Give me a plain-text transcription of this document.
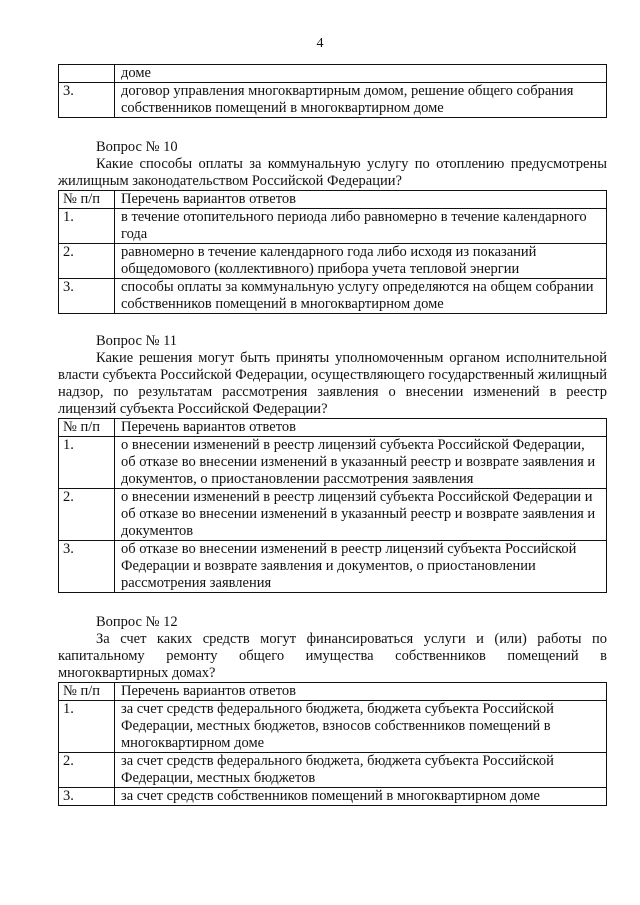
4
	доме
3.	договор управления многоквартирным домом, решение общего собрания собственников помещений в многоквартирном доме
Вопрос № 10
Какие способы оплаты за коммунальную услугу по отоплению предусмотрены жилищным законодательством Российской Федерации?
№ п/п	Перечень вариантов ответов
1.	в течение отопительного периода либо равномерно в течение календарного года
2.	равномерно в течение календарного года либо исходя из показаний общедомового (коллективного) прибора учета тепловой энергии
3.	способы оплаты за коммунальную услугу определяются на общем собрании собственников помещений в многоквартирном доме
Вопрос № 11
Какие решения могут быть приняты уполномоченным органом исполнительной власти субъекта Российской Федерации, осуществляющего государственный жилищный надзор, по результатам рассмотрения заявления о внесении изменений в реестр лицензий субъекта Российской Федерации?
№ п/п	Перечень вариантов ответов
1.	о внесении изменений в реестр лицензий субъекта Российской Федерации, об отказе во внесении изменений в указанный реестр и возврате заявления и документов, о приостановлении рассмотрения заявления
2.	о внесении изменений в реестр лицензий субъекта Российской Федерации и об отказе во внесении изменений в указанный реестр и возврате заявления и документов
3.	об отказе во внесении изменений в реестр лицензий субъекта Российской Федерации и возврате заявления и документов, о приостановлении рассмотрения заявления
Вопрос № 12
За счет каких средств могут финансироваться услуги и (или) работы по капитальному ремонту общего имущества собственников помещений в многоквартирных домах?
№ п/п	Перечень вариантов ответов
1.	за счет средств федерального бюджета, бюджета субъекта Российской Федерации, местных бюджетов, взносов собственников помещений в многоквартирном доме
2.	за счет средств федерального бюджета, бюджета субъекта Российской Федерации, местных бюджетов
3.	за счет средств собственников помещений в многоквартирном доме
